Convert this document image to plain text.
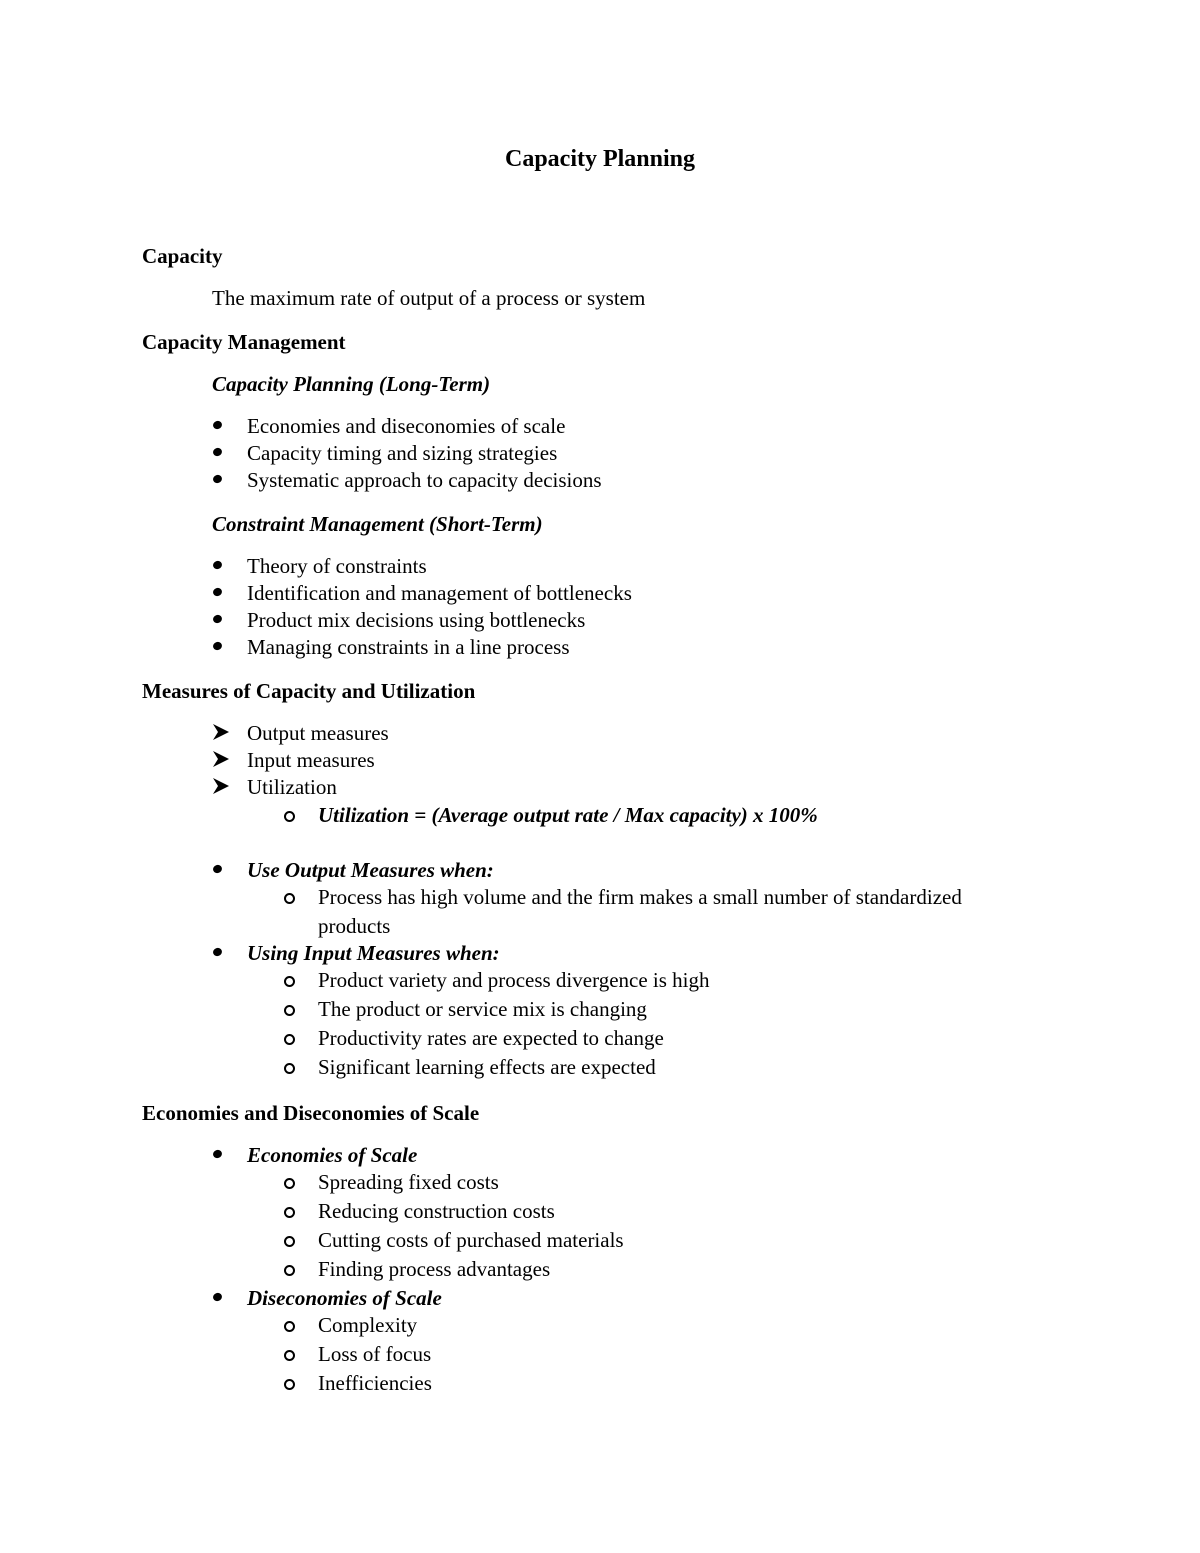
Capacity Planning
Capacity
The maximum rate of output of a process or system
Capacity Management
Capacity Planning (Long-Term)
Economies and diseconomies of scale
Capacity timing and sizing strategies
Systematic approach to capacity decisions
Constraint Management (Short-Term)
Theory of constraints
Identification and management of bottlenecks
Product mix decisions using bottlenecks
Managing constraints in a line process
Measures of Capacity and Utilization
Output measures
Input measures
Utilization
Utilization = (Average output rate / Max capacity) x 100%
Use Output Measures when:
Process has high volume and the firm makes a small number of standardized
products
Using Input Measures when:
Product variety and process divergence is high
The product or service mix is changing
Productivity rates are expected to change
Significant learning effects are expected
Economies and Diseconomies of Scale
Economies of Scale
Spreading fixed costs
Reducing construction costs
Cutting costs of purchased materials
Finding process advantages
Diseconomies of Scale
Complexity
Loss of focus
Inefficiencies
